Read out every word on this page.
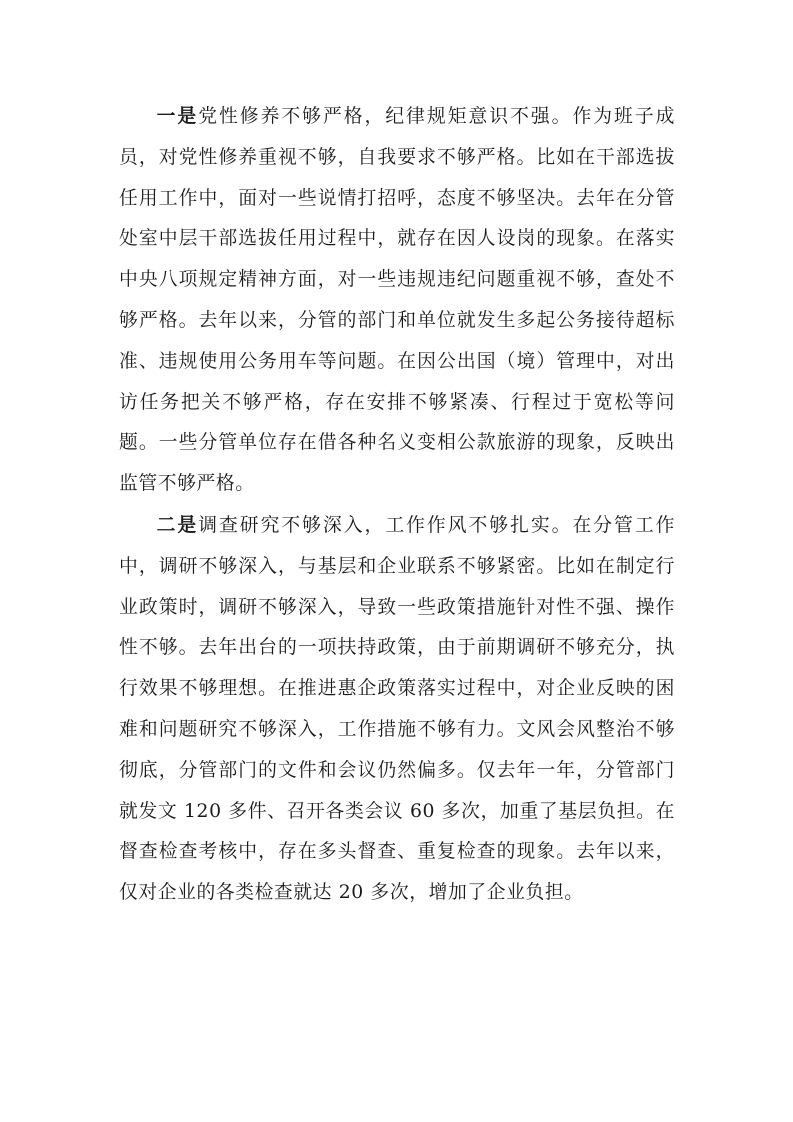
一是党性修养不够严格，纪律规矩意识不强。作为班子成员，对党性修养重视不够，自我要求不够严格。比如在干部选拔任用工作中，面对一些说情打招呼，态度不够坚决。去年在分管处室中层干部选拔任用过程中，就存在因人设岗的现象。在落实中央八项规定精神方面，对一些违规违纪问题重视不够，查处不够严格。去年以来，分管的部门和单位就发生多起公务接待超标准、违规使用公务用车等问题。在因公出国（境）管理中，对出访任务把关不够严格，存在安排不够紧凑、行程过于宽松等问题。一些分管单位存在借各种名义变相公款旅游的现象，反映出监管不够严格。

二是调查研究不够深入，工作作风不够扎实。在分管工作中，调研不够深入，与基层和企业联系不够紧密。比如在制定行业政策时，调研不够深入，导致一些政策措施针对性不强、操作性不够。去年出台的一项扶持政策，由于前期调研不够充分，执行效果不够理想。在推进惠企政策落实过程中，对企业反映的困难和问题研究不够深入，工作措施不够有力。文风会风整治不够彻底，分管部门的文件和会议仍然偏多。仅去年一年，分管部门就发文 120 多件、召开各类会议 60 多次，加重了基层负担。在督查检查考核中，存在多头督查、重复检查的现象。去年以来，仅对企业的各类检查就达 20 多次，增加了企业负担。
